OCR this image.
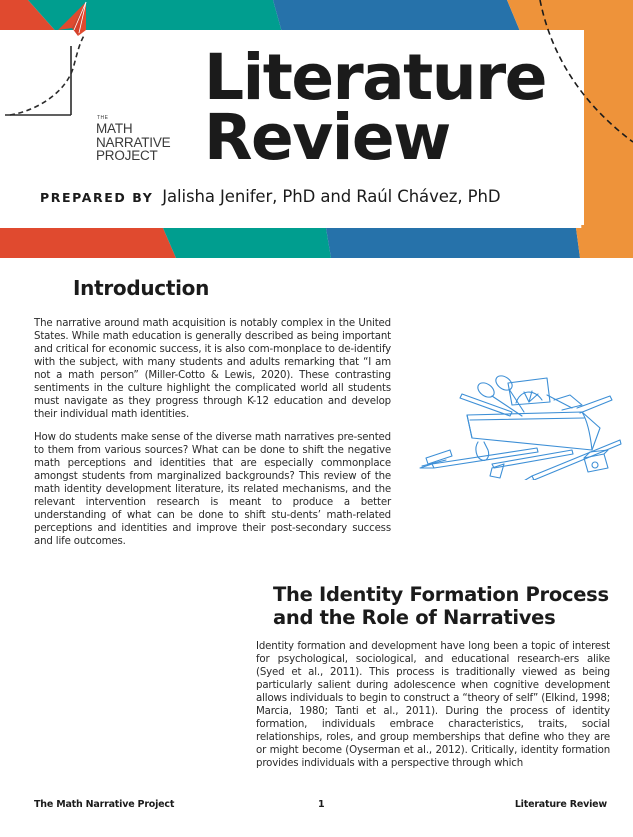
THE
MATH
NARRATIVE
PROJECT
Literature
Review
PREPARED BY Jalisha Jenifer, PhD and Raúl Chávez, PhD
Introduction

The narrative around math acquisition is notably complex in the United States. While math education is generally described as being important and critical for economic success, it is also com-monplace to de-identify with the subject, with many students and adults remarking that “I am not a math person” (Miller-Cotto & Lewis, 2020). These contrasting sentiments in the culture highlight the complicated world all students must navigate as they progress through K-12 education and develop their individual math identities.

How do students make sense of the diverse math narratives pre-sented to them from various sources? What can be done to shift the negative math perceptions and identities that are especially commonplace amongst students from marginalized backgrounds? This review of the math identity development literature, its related mechanisms, and the relevant intervention research is meant to produce a better understanding of what can be done to shift stu-dents’ math-related perceptions and identities and improve their post-secondary success and life outcomes.

The Identity Formation Process and the Role of Narratives

Identity formation and development have long been a topic of interest for psychological, sociological, and educational research-ers alike (Syed et al., 2011). This process is traditionally viewed as being particularly salient during adolescence when cognitive development allows individuals to begin to construct a “theory of self” (Elkind, 1998; Marcia, 1980; Tanti et al., 2011). During the process of identity formation, individuals embrace characteristics, traits, social relationships, roles, and group memberships that define who they are or might become (Oyserman et al., 2012). Critically, identity formation provides individuals with a perspective through which

The Math Narrative Project	1	Literature Review
